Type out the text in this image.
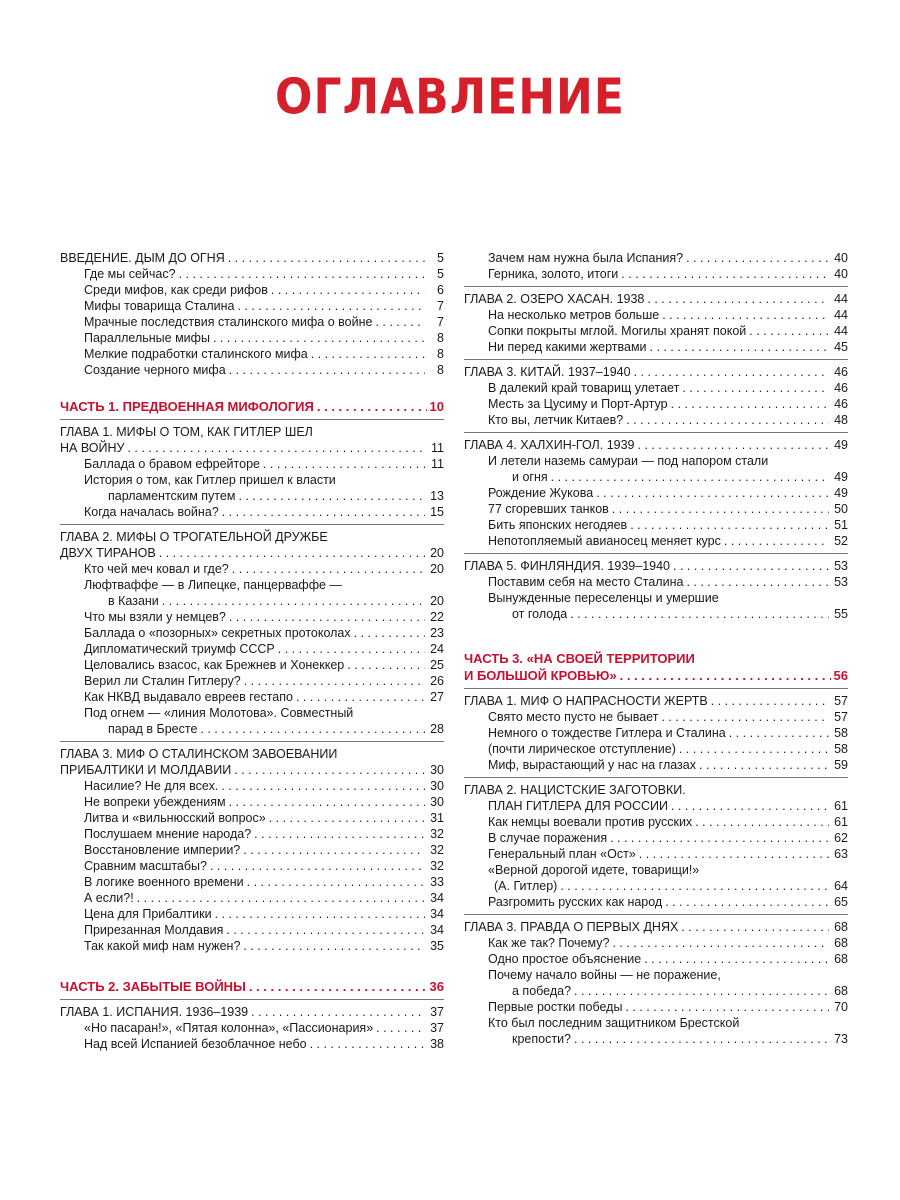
ОГЛАВЛЕНИЕ
ВВЕДЕНИЕ. ДЫМ ДО ОГНЯ . . .	5
Где мы сейчас? . . .	5
Среди мифов, как среди рифов . . .	6
Мифы товарища Сталина . . .	7
Мрачные последствия сталинского мифа о войне . . .	7
Параллельные мифы . . .	8
Мелкие подработки сталинского мифа . . .	8
Создание черного мифа . . .	8
ЧАСТЬ 1. ПРЕДВОЕННАЯ МИФОЛОГИЯ . . .	10
ГЛАВА 1. МИФЫ О ТОМ, КАК ГИТЛЕР ШЕЛ
НА ВОЙНУ . . .	11
Баллада о бравом ефрейторе . . .	11
История о том, как Гитлер пришел к власти
парламентским путем . . .	13
Когда началась война? . . .	15
ГЛАВА 2. МИФЫ О ТРОГАТЕЛЬНОЙ ДРУЖБЕ
ДВУХ ТИРАНОВ . . .	20
Кто чей меч ковал и где? . . .	20
Люфтваффе — в Липецке, панцерваффе —
в Казани . . .	20
Что мы взяли у немцев? . . .	22
Баллада о «позорных» секретных протоколах . . .	23
Дипломатический триумф СССР . . .	24
Целовались взасос, как Брежнев и Хонеккер . . .	25
Верил ли Сталин Гитлеру? . . .	26
Как НКВД выдавало евреев гестапо . . .	27
Под огнем — «линия Молотова». Совместный
парад в Бресте . . .	28
ГЛАВА 3. МИФ О СТАЛИНСКОМ ЗАВОЕВАНИИ
ПРИБАЛТИКИ И МОЛДАВИИ . . .	30
Насилие? Не для всех. . . .	30
Не вопреки убеждениям . . .	30
Литва и «вильнюсский вопрос» . . .	31
Послушаем мнение народа? . . .	32
Восстановление империи? . . .	32
Сравним масштабы? . . .	32
В логике военного времени . . .	33
А если?! . . .	34
Цена для Прибалтики . . .	34
Прирезанная Молдавия . . .	34
Так какой миф нам нужен? . . .	35
ЧАСТЬ 2. ЗАБЫТЫЕ ВОЙНЫ . . .	36
ГЛАВА 1. ИСПАНИЯ. 1936–1939 . . .	37
«Но пасаран!», «Пятая колонна», «Пассионария» . . .	37
Над всей Испанией безоблачное небо . . .	38
Зачем нам нужна была Испания? . . .	40
Герника, золото, итоги . . .	40
ГЛАВА 2. ОЗЕРО ХАСАН. 1938 . . .	44
На несколько метров больше . . .	44
Сопки покрыты мглой. Могилы хранят покой . . .	44
Ни перед какими жертвами . . .	45
ГЛАВА 3. КИТАЙ. 1937–1940 . . .	46
В далекий край товарищ улетает . . .	46
Месть за Цусиму и Порт-Артур . . .	46
Кто вы, летчик Китаев? . . .	48
ГЛАВА 4. ХАЛХИН-ГОЛ. 1939 . . .	49
И летели наземь самураи — под напором стали
и огня . . .	49
Рождение Жукова . . .	49
77 сгоревших танков . . .	50
Бить японских негодяев . . .	51
Непотопляемый авианосец меняет курс . . .	52
ГЛАВА 5. ФИНЛЯНДИЯ. 1939–1940 . . .	53
Поставим себя на место Сталина . . .	53
Вынужденные переселенцы и умершие
от голода . . .	55
ЧАСТЬ 3. «НА СВОЕЙ ТЕРРИТОРИИ
И БОЛЬШОЙ КРОВЬЮ» . . .	56
ГЛАВА 1. МИФ О НАПРАСНОСТИ ЖЕРТВ . . .	57
Свято место пусто не бывает . . .	57
Немного о тождестве Гитлера и Сталина . . .	58
(почти лирическое отступление) . . .	58
Миф, вырастающий у нас на глазах . . .	59
ГЛАВА 2. НАЦИСТСКИЕ ЗАГОТОВКИ.
ПЛАН ГИТЛЕРА ДЛЯ РОССИИ . . .	61
Как немцы воевали против русских . . .	61
В случае поражения . . .	62
Генеральный план «Ост» . . .	63
«Верной дорогой идете, товарищи!»
(А. Гитлер) . . .	64
Разгромить русских как народ . . .	65
ГЛАВА 3. ПРАВДА О ПЕРВЫХ ДНЯХ . . .	68
Как же так? Почему? . . .	68
Одно простое объяснение . . .	68
Почему начало войны — не поражение,
а победа? . . .	68
Первые ростки победы . . .	70
Кто был последним защитником Брестской
крепости? . . .	73
